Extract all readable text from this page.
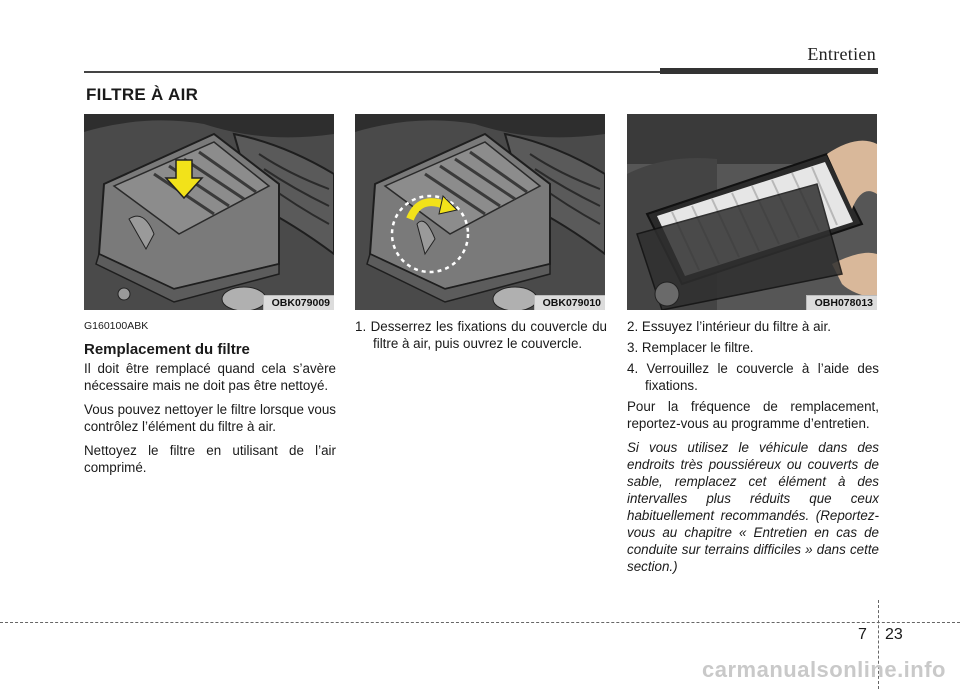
Entretien
FILTRE À AIR
OBK079009	OBK079010	OBH078013
G160100ABK
Remplacement du filtre

Il doit être remplacé quand cela s’avère nécessaire mais ne doit pas être nettoyé.

Vous pouvez nettoyer le filtre lorsque vous contrôlez l’élément du filtre à air.

Nettoyez le filtre en utilisant de l’air comprimé.

1. Desserrez les fixations du couvercle du filtre à air, puis ouvrez le couvercle.

2. Essuyez l’intérieur du filtre à air.

3. Remplacer le filtre.

4. Verrouillez le couvercle à l’aide des fixations.

Pour la fréquence de remplacement, reportez-vous au programme d’entretien.

Si vous utilisez le véhicule dans des endroits très poussiéreux ou couverts de sable, remplacez cet élément à des intervalles plus réduits que ceux habituellement recommandés. (Reportez-vous au chapitre « Entretien en cas de conduite sur terrains difficiles » dans cette section.)

7 23
carmanualsonline.info
